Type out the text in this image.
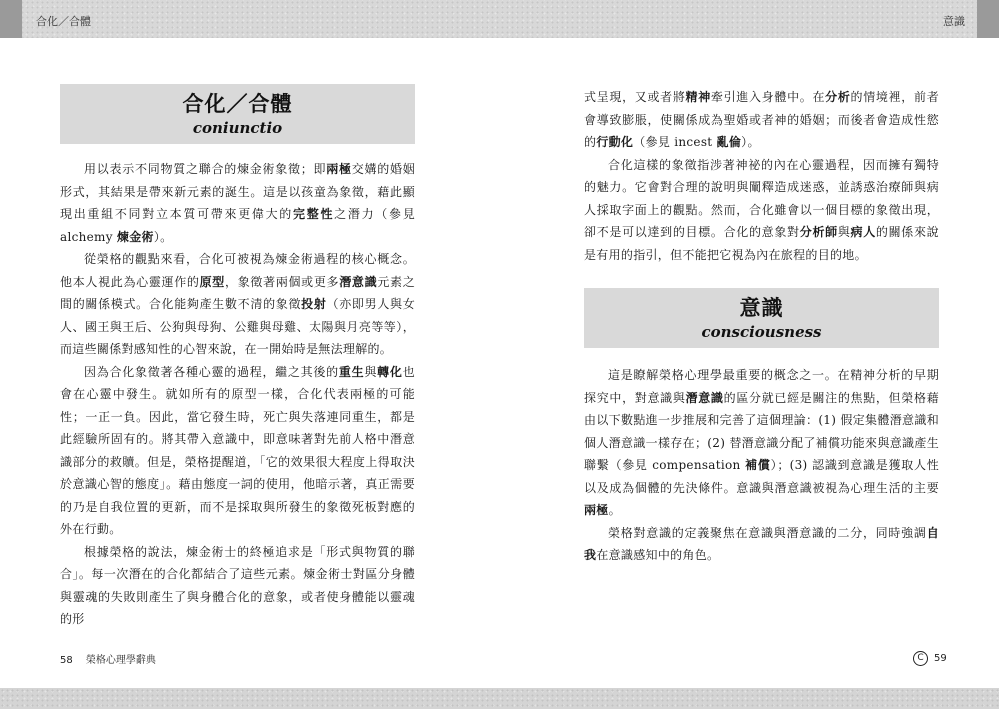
合化／合體	意識
合化／合體
coniunctio

用以表示不同物質之聯合的煉金術象徵；即兩極交媾的婚姻形式，其結果是帶來新元素的誕生。這是以孩童為象徵，藉此顯現出重組不同對立本質可帶來更偉大的完整性之潛力（參見 alchemy 煉金術）。

從榮格的觀點來看，合化可被視為煉金術過程的核心概念。他本人視此為心靈運作的原型，象徵著兩個或更多潛意識元素之間的關係模式。合化能夠產生數不清的象徵投射（亦即男人與女人、國王與王后、公狗與母狗、公雞與母雞、太陽與月亮等等），而這些關係對感知性的心智來說，在一開始時是無法理解的。

因為合化象徵著各種心靈的過程，繼之其後的重生與轉化也會在心靈中發生。就如所有的原型一樣，合化代表兩極的可能性；一正一負。因此，當它發生時，死亡與失落連同重生，都是此經驗所固有的。將其帶入意識中，即意味著對先前人格中潛意識部分的救贖。但是，榮格提醒道，「它的效果很大程度上得取決於意識心智的態度」。藉由態度一詞的使用，他暗示著，真正需要的乃是自我位置的更新，而不是採取與所發生的象徵死板對應的外在行動。

根據榮格的說法，煉金術士的終極追求是「形式與物質的聯合」。每一次潛在的合化都結合了這些元素。煉金術士對區分身體與靈魂的失敗則產生了與身體合化的意象，或者使身體能以靈魂的形

式呈現，又或者將精神牽引進入身體中。在分析的情境裡，前者會導致膨脹，使關係成為聖婚或者神的婚姻；而後者會造成性慾的行動化（參見 incest 亂倫）。

合化這樣的象徵指涉著神祕的內在心靈過程，因而擁有獨特的魅力。它會對合理的說明與闡釋造成迷惑，並誘惑治療師與病人採取字面上的觀點。然而，合化雖會以一個目標的象徵出現，卻不是可以達到的目標。合化的意象對分析師與病人的關係來說是有用的指引，但不能把它視為內在旅程的目的地。

意識
consciousness

這是瞭解榮格心理學最重要的概念之一。在精神分析的早期探究中，對意識與潛意識的區分就已經是關注的焦點，但榮格藉由以下數點進一步推展和完善了這個理論：(1) 假定集體潛意識和個人潛意識一樣存在；(2) 替潛意識分配了補償功能來與意識產生聯繫（參見 compensation 補償）；(3) 認識到意識是獲取人性以及成為個體的先決條件。意識與潛意識被視為心理生活的主要兩極。

榮格對意識的定義聚焦在意識與潛意識的二分，同時強調自我在意識感知中的角色。

58 榮格心理學辭典	C	59
